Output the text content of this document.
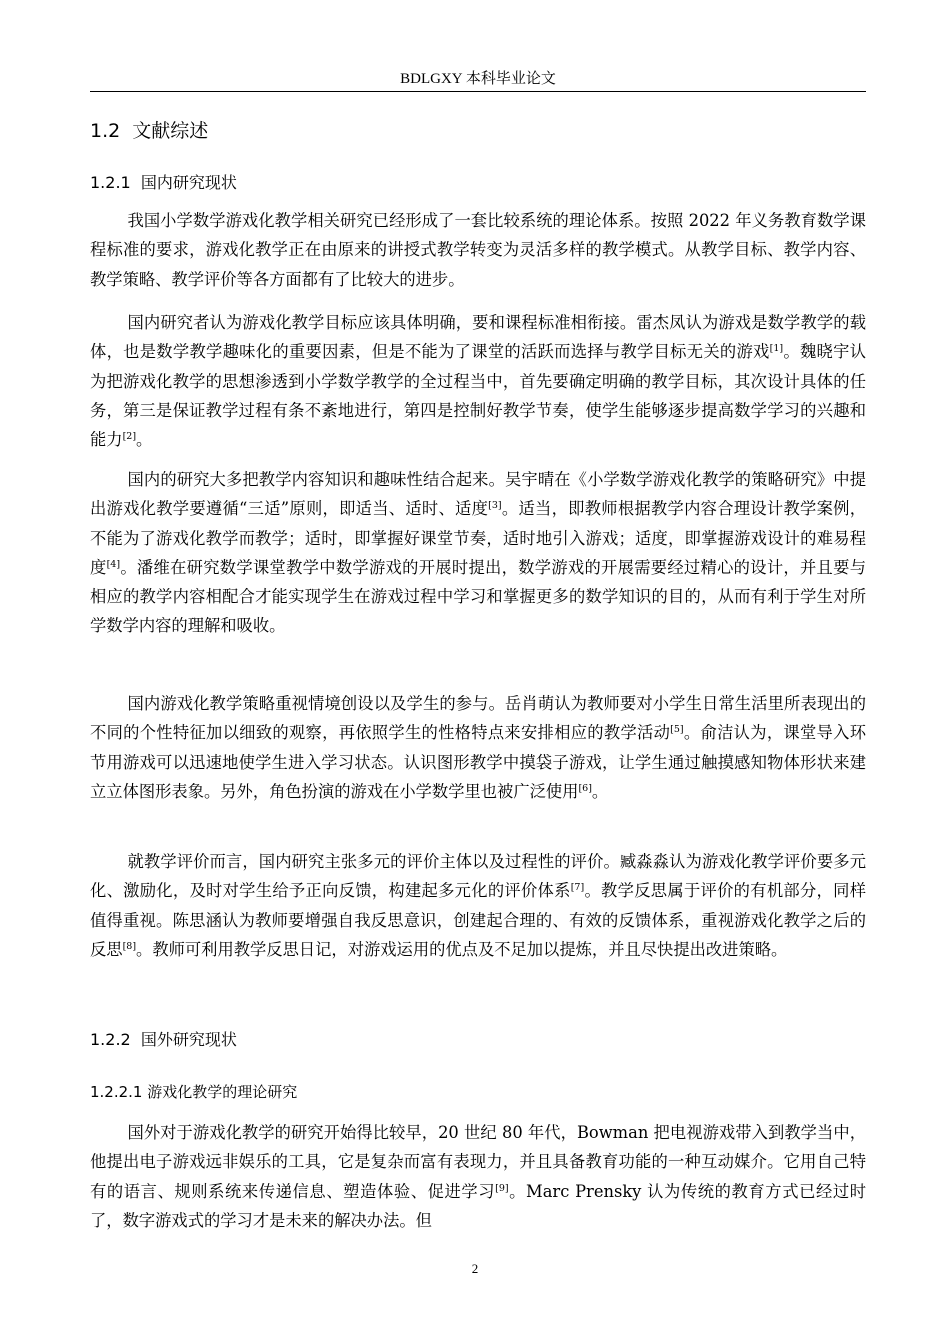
BDLGXY 本科毕业论文
1.2  文献综述
1.2.1  国内研究现状

我国小学数学游戏化教学相关研究已经形成了一套比较系统的理论体系。按照 2022 年义务教育数学课程标准的要求，游戏化教学正在由原来的讲授式教学转变为灵活多样的教学模式。从教学目标、教学内容、教学策略、教学评价等各方面都有了比较大的进步。

国内研究者认为游戏化教学目标应该具体明确，要和课程标准相衔接。雷杰凤认为游戏是数学教学的载体，也是数学教学趣味化的重要因素，但是不能为了课堂的活跃而选择与教学目标无关的游戏[1]。魏晓宇认为把游戏化教学的思想渗透到小学数学教学的全过程当中，首先要确定明确的教学目标，其次设计具体的任务，第三是保证教学过程有条不紊地进行，第四是控制好教学节奏，使学生能够逐步提高数学学习的兴趣和能力[2]。

国内的研究大多把教学内容知识和趣味性结合起来。吴宇晴在《小学数学游戏化教学的策略研究》中提出游戏化教学要遵循“三适”原则，即适当、适时、适度[3]。适当，即教师根据教学内容合理设计教学案例，不能为了游戏化教学而教学；适时，即掌握好课堂节奏，适时地引入游戏；适度，即掌握游戏设计的难易程度[4]。潘维在研究数学课堂教学中数学游戏的开展时提出，数学游戏的开展需要经过精心的设计，并且要与相应的教学内容相配合才能实现学生在游戏过程中学习和掌握更多的数学知识的目的，从而有利于学生对所学数学内容的理解和吸收。

国内游戏化教学策略重视情境创设以及学生的参与。岳肖萌认为教师要对小学生日常生活里所表现出的不同的个性特征加以细致的观察，再依照学生的性格特点来安排相应的教学活动[5]。俞洁认为，课堂导入环节用游戏可以迅速地使学生进入学习状态。认识图形教学中摸袋子游戏，让学生通过触摸感知物体形状来建立立体图形表象。另外，角色扮演的游戏在小学数学里也被广泛使用[6]。

就教学评价而言，国内研究主张多元的评价主体以及过程性的评价。臧淼淼认为游戏化教学评价要多元化、激励化，及时对学生给予正向反馈，构建起多元化的评价体系[7]。教学反思属于评价的有机部分，同样值得重视。陈思涵认为教师要增强自我反思意识，创建起合理的、有效的反馈体系，重视游戏化教学之后的反思[8]。教师可利用教学反思日记，对游戏运用的优点及不足加以提炼，并且尽快提出改进策略。

1.2.2  国外研究现状
1.2.2.1 游戏化教学的理论研究

国外对于游戏化教学的研究开始得比较早，20 世纪 80 年代，Bowman 把电视游戏带入到教学当中，他提出电子游戏远非娱乐的工具，它是复杂而富有表现力，并且具备教育功能的一种互动媒介。它用自己特有的语言、规则系统来传递信息、塑造体验、促进学习[9]。Marc Prensky 认为传统的教育方式已经过时了，数字游戏式的学习才是未来的解决办法。但

2
